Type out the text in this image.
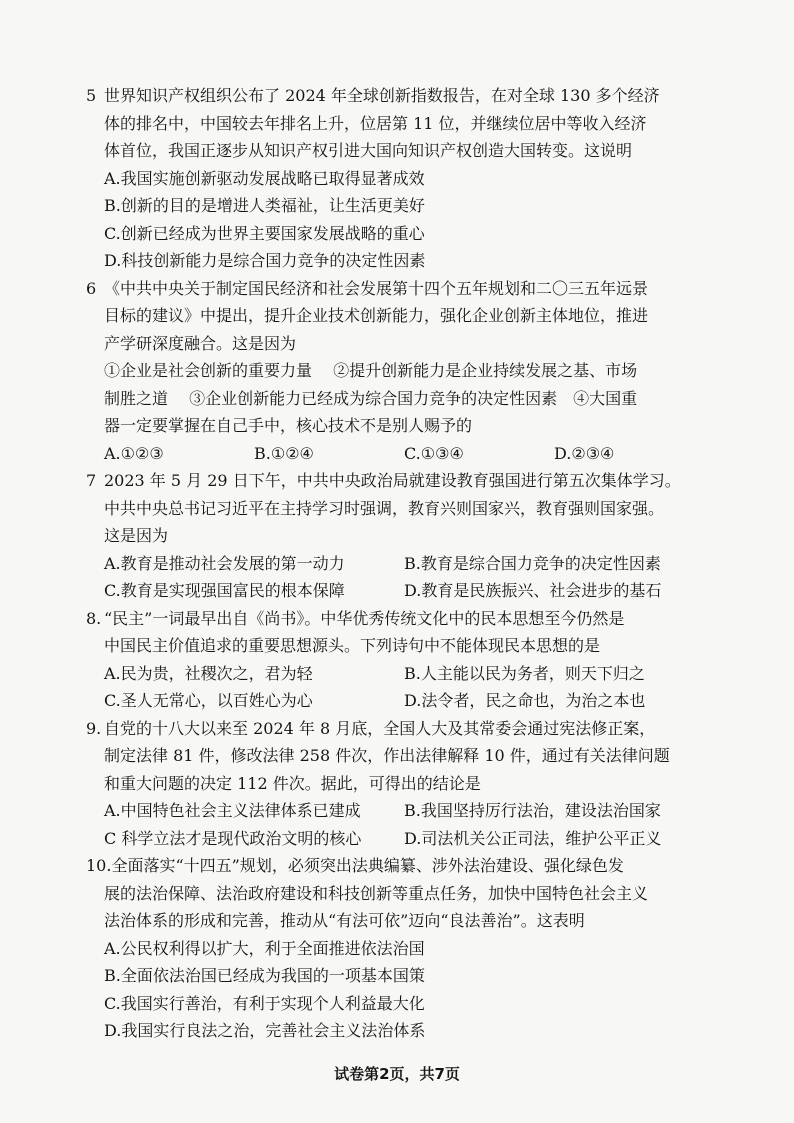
5 世界知识产权组织公布了 2024 年全球创新指数报告，在对全球 130 多个经济
体的排名中，中国较去年排名上升，位居第 11 位，并继续位居中等收入经济
体首位，我国正逐步从知识产权引进大国向知识产权创造大国转变。这说明
A.我国实施创新驱动发展战略已取得显著成效
B.创新的目的是增进人类福祉，让生活更美好
C.创新已经成为世界主要国家发展战略的重心
D.科技创新能力是综合国力竞争的决定性因素
6 《中共中央关于制定国民经济和社会发展第十四个五年规划和二〇三五年远景
目标的建议》中提出，提升企业技术创新能力，强化企业创新主体地位，推进
产学研深度融合。这是因为
①企业是社会创新的重要力量　 ②提升创新能力是企业持续发展之基、市场
制胜之道　 ③企业创新能力已经成为综合国力竞争的决定性因素　④大国重
器一定要掌握在自己手中，核心技术不是别人赐予的
A.①②③	B.①②④	C.①③④	D.②③④
7 2023 年 5 月 29 日下午，中共中央政治局就建设教育强国进行第五次集体学习。
中共中央总书记习近平在主持学习时强调，教育兴则国家兴，教育强则国家强。
这是因为
A.教育是推动社会发展的第一动力	B.教育是综合国力竞争的决定性因素
C.教育是实现强国富民的根本保障	D.教育是民族振兴、社会进步的基石
8. “民主”一词最早出自《尚书》。中华优秀传统文化中的民本思想至今仍然是
中国民主价值追求的重要思想源头。下列诗句中不能体现民本思想的是
A.民为贵，社稷次之，君为轻	B.人主能以民为务者，则天下归之
C.圣人无常心，以百姓心为心	D.法令者，民之命也，为治之本也
9. 自党的十八大以来至 2024 年 8 月底，全国人大及其常委会通过宪法修正案，
制定法律 81 件，修改法律 258 件次，作出法律解释 10 件，通过有关法律问题
和重大问题的决定 112 件次。据此，可得出的结论是
A.中国特色社会主义法律体系已建成	B.我国坚持厉行法治，建设法治国家
C 科学立法才是现代政治文明的核心	D.司法机关公正司法，维护公平正义
10.全面落实“十四五”规划，必须突出法典编纂、涉外法治建设、强化绿色发
展的法治保障、法治政府建设和科技创新等重点任务，加快中国特色社会主义
法治体系的形成和完善，推动从“有法可依”迈向“良法善治”。这表明
A.公民权利得以扩大，利于全面推进依法治国
B.全面依法治国已经成为我国的一项基本国策
C.我国实行善治，有利于实现个人利益最大化
D.我国实行良法之治，完善社会主义法治体系
试卷第2页，共7页
